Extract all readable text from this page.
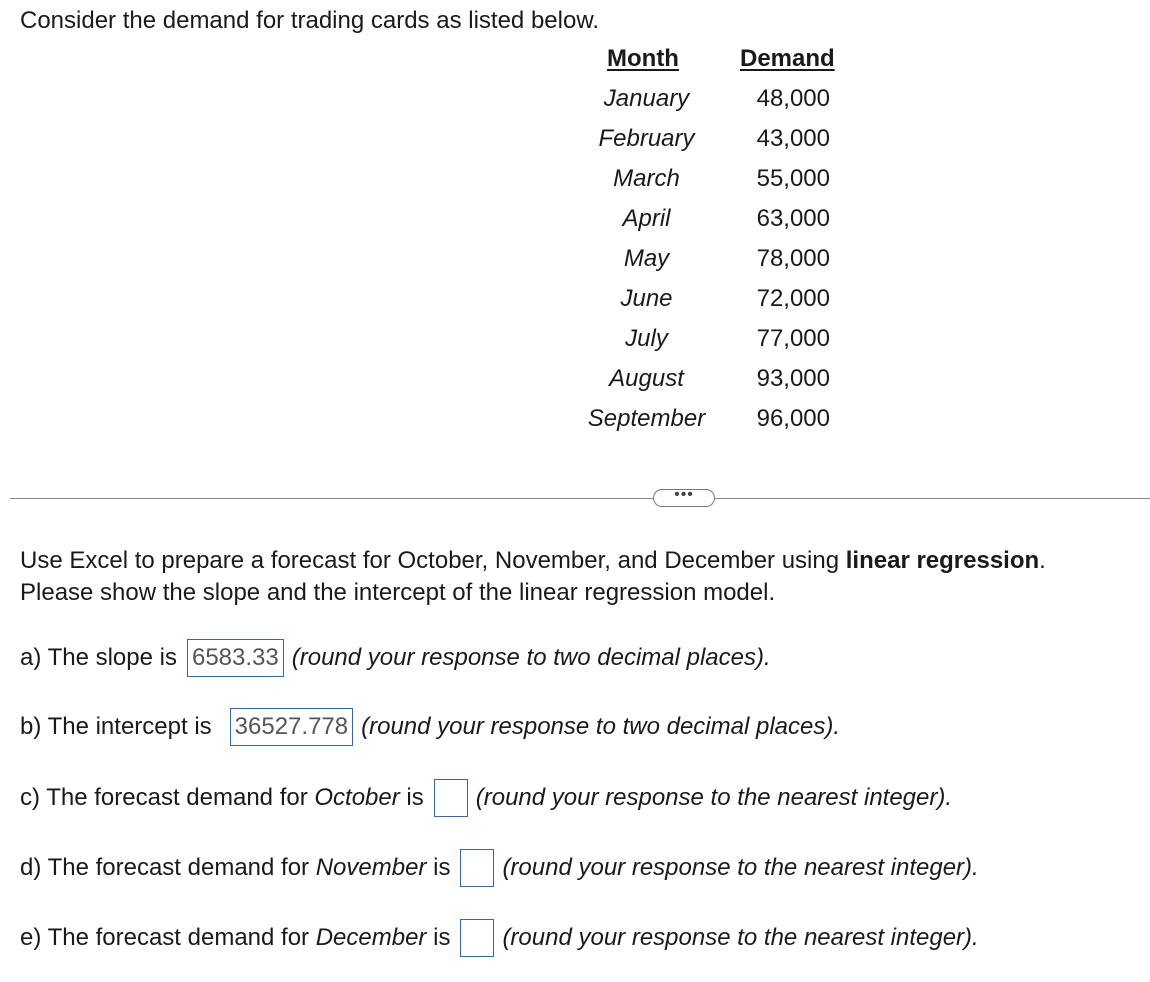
Consider the demand for trading cards as listed below.
Month	Demand
January	48,000
February	43,000
March	55,000
April	63,000
May	78,000
June	72,000
July	77,000
August	93,000
September	96,000
•••
Use Excel to prepare a forecast for October, November, and December using linear regression.
Please show the slope and the intercept of the linear regression model.
a) The slope is 6583.33 (round your response to two decimal places).
b) The intercept is 36527.778 (round your response to two decimal places).
c) The forecast demand for October is (round your response to the nearest integer).
d) The forecast demand for November is (round your response to the nearest integer).
e) The forecast demand for December is (round your response to the nearest integer).
